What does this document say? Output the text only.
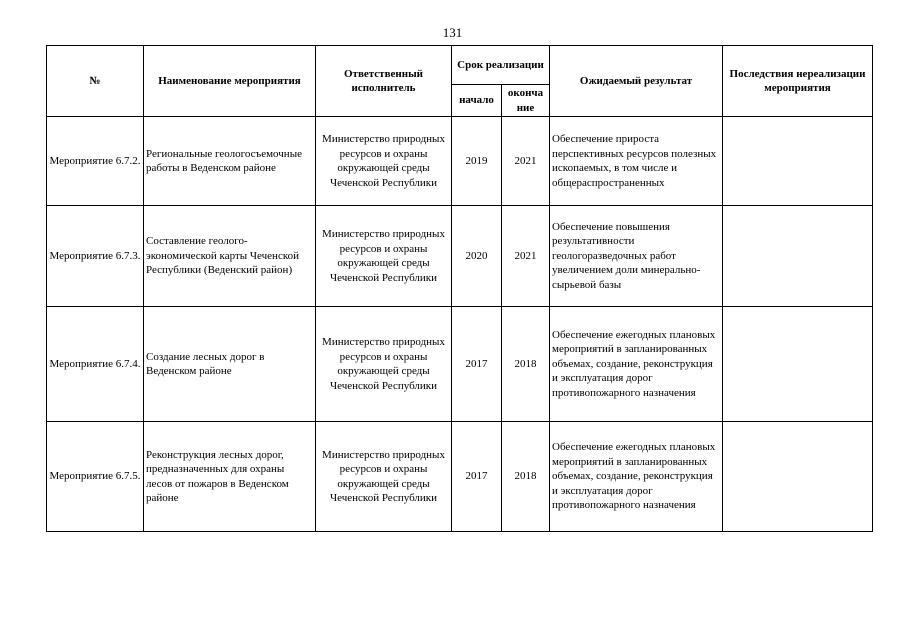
131
№	Наименование мероприятия	Ответственный исполнитель	Срок реализации		Ожидаемый результат	Последствия нереализации мероприятия
			начало	оконча ние		
Мероприятие 6.7.2.	Региональные геологосъемочные работы в Веденском районе	Министерство природных ресурсов и охраны окружающей среды Чеченской Республики	2019	2021	Обеспечение прироста перспективных ресурсов полезных ископаемых, в том числе и общераспространенных	
Мероприятие 6.7.3.	Составление геолого-экономической карты Чеченской Республики (Веденский район)	Министерство природных ресурсов и охраны окружающей среды Чеченской Республики	2020	2021	Обеспечение повышения результативности геологоразведочных работ увеличением доли минерально-сырьевой базы	
Мероприятие 6.7.4.	Создание лесных дорог в Веденском районе	Министерство природных ресурсов и охраны окружающей среды Чеченской Республики	2017	2018	Обеспечение ежегодных плановых мероприятий в запланированных объемах, создание, реконструкция и эксплуатация дорог противопожарного назначения	
Мероприятие 6.7.5.	Реконструкция лесных дорог, предназначенных для охраны лесов от пожаров в Веденском районе	Министерство природных ресурсов и охраны окружающей среды Чеченской Республики	2017	2018	Обеспечение ежегодных плановых мероприятий в запланированных объемах, создание, реконструкция и эксплуатация дорог противопожарного назначения	
